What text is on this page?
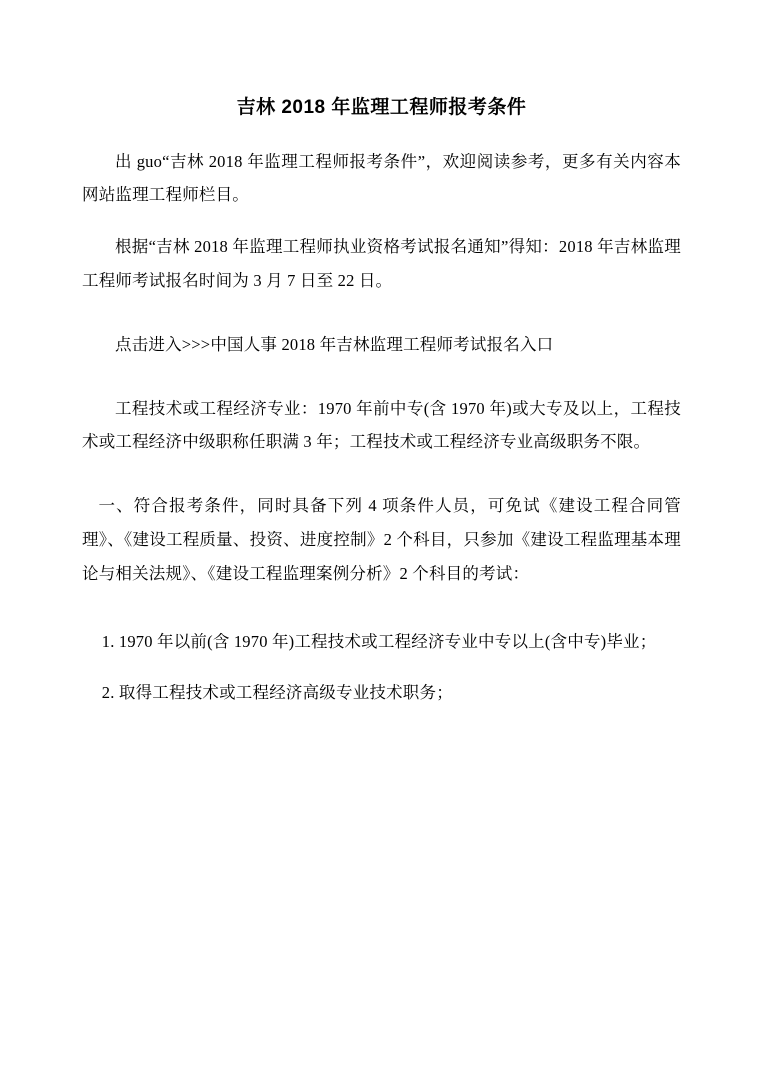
吉林 2018 年监理工程师报考条件

出 guo“吉林 2018 年监理工程师报考条件”，欢迎阅读参考，更多有关内容本网站监理工程师栏目。

根据“吉林 2018 年监理工程师执业资格考试报名通知”得知：2018 年吉林监理工程师考试报名时间为 3 月 7 日至 22 日。

点击进入>>>中国人事 2018 年吉林监理工程师考试报名入口

工程技术或工程经济专业：1970 年前中专(含 1970 年)或大专及以上，工程技术或工程经济中级职称任职满 3 年；工程技术或工程经济专业高级职务不限。

一、符合报考条件，同时具备下列 4 项条件人员，可免试《建设工程合同管理》、《建设工程质量、投资、进度控制》2 个科目，只参加《建设工程监理基本理论与相关法规》、《建设工程监理案例分析》2 个科目的考试：

1. 1970 年以前(含 1970 年)工程技术或工程经济专业中专以上(含中专)毕业；

2. 取得工程技术或工程经济高级专业技术职务；
